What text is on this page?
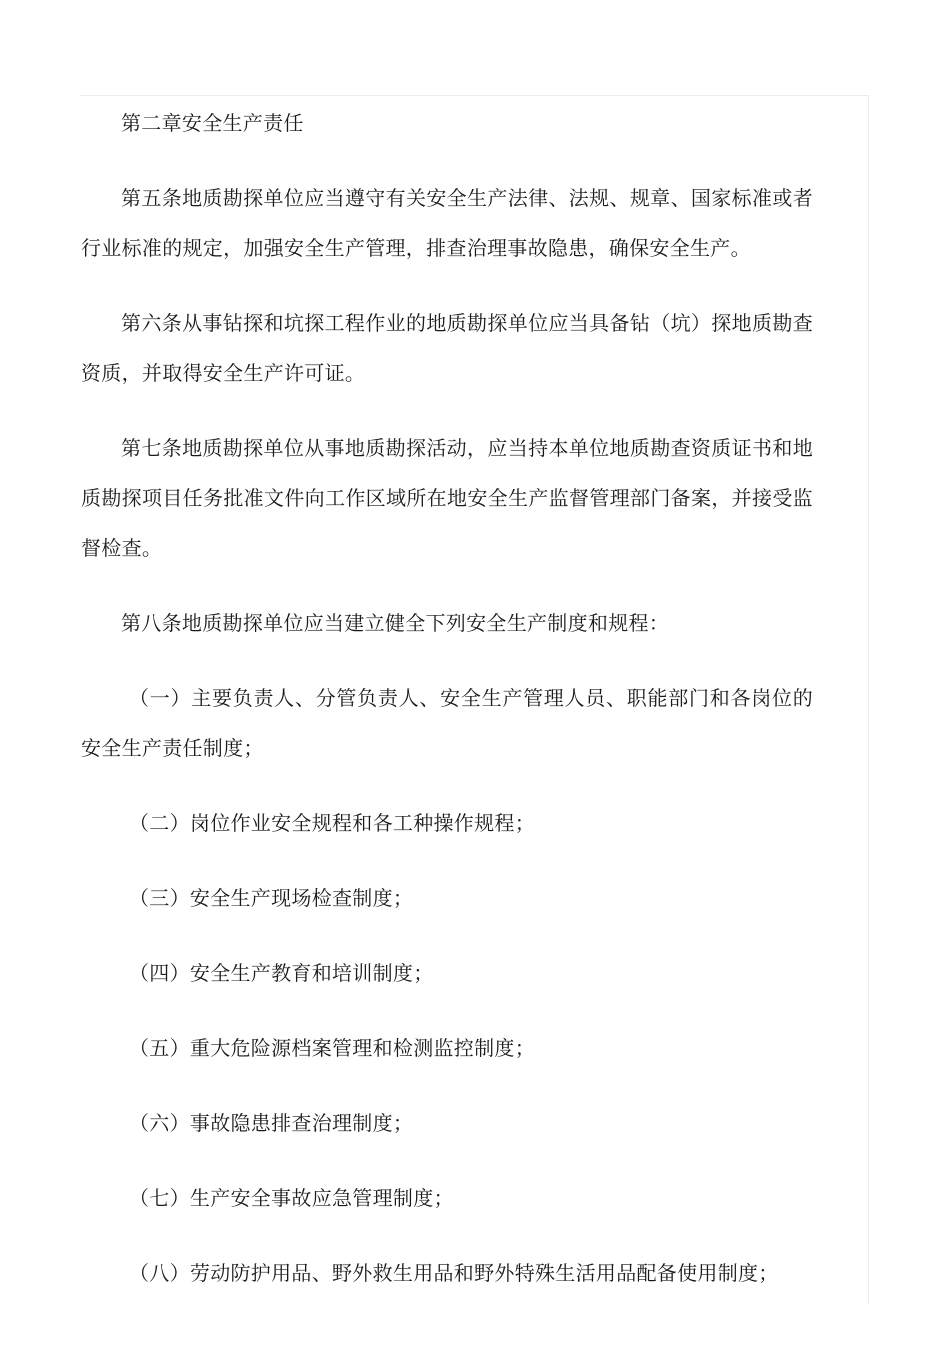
第二章安全生产责任

第五条地质勘探单位应当遵守有关安全生产法律、法规、规章、国家标准或者行业标准的规定，加强安全生产管理，排查治理事故隐患，确保安全生产。

第六条从事钻探和坑探工程作业的地质勘探单位应当具备钻（坑）探地质勘查资质，并取得安全生产许可证。

第七条地质勘探单位从事地质勘探活动，应当持本单位地质勘查资质证书和地质勘探项目任务批准文件向工作区域所在地安全生产监督管理部门备案，并接受监督检查。

第八条地质勘探单位应当建立健全下列安全生产制度和规程：

（一）主要负责人、分管负责人、安全生产管理人员、职能部门和各岗位的安全生产责任制度；

（二）岗位作业安全规程和各工种操作规程；

（三）安全生产现场检查制度；

（四）安全生产教育和培训制度；

（五）重大危险源档案管理和检测监控制度；

（六）事故隐患排查治理制度；

（七）生产安全事故应急管理制度；

（八）劳动防护用品、野外救生用品和野外特殊生活用品配备使用制度；
